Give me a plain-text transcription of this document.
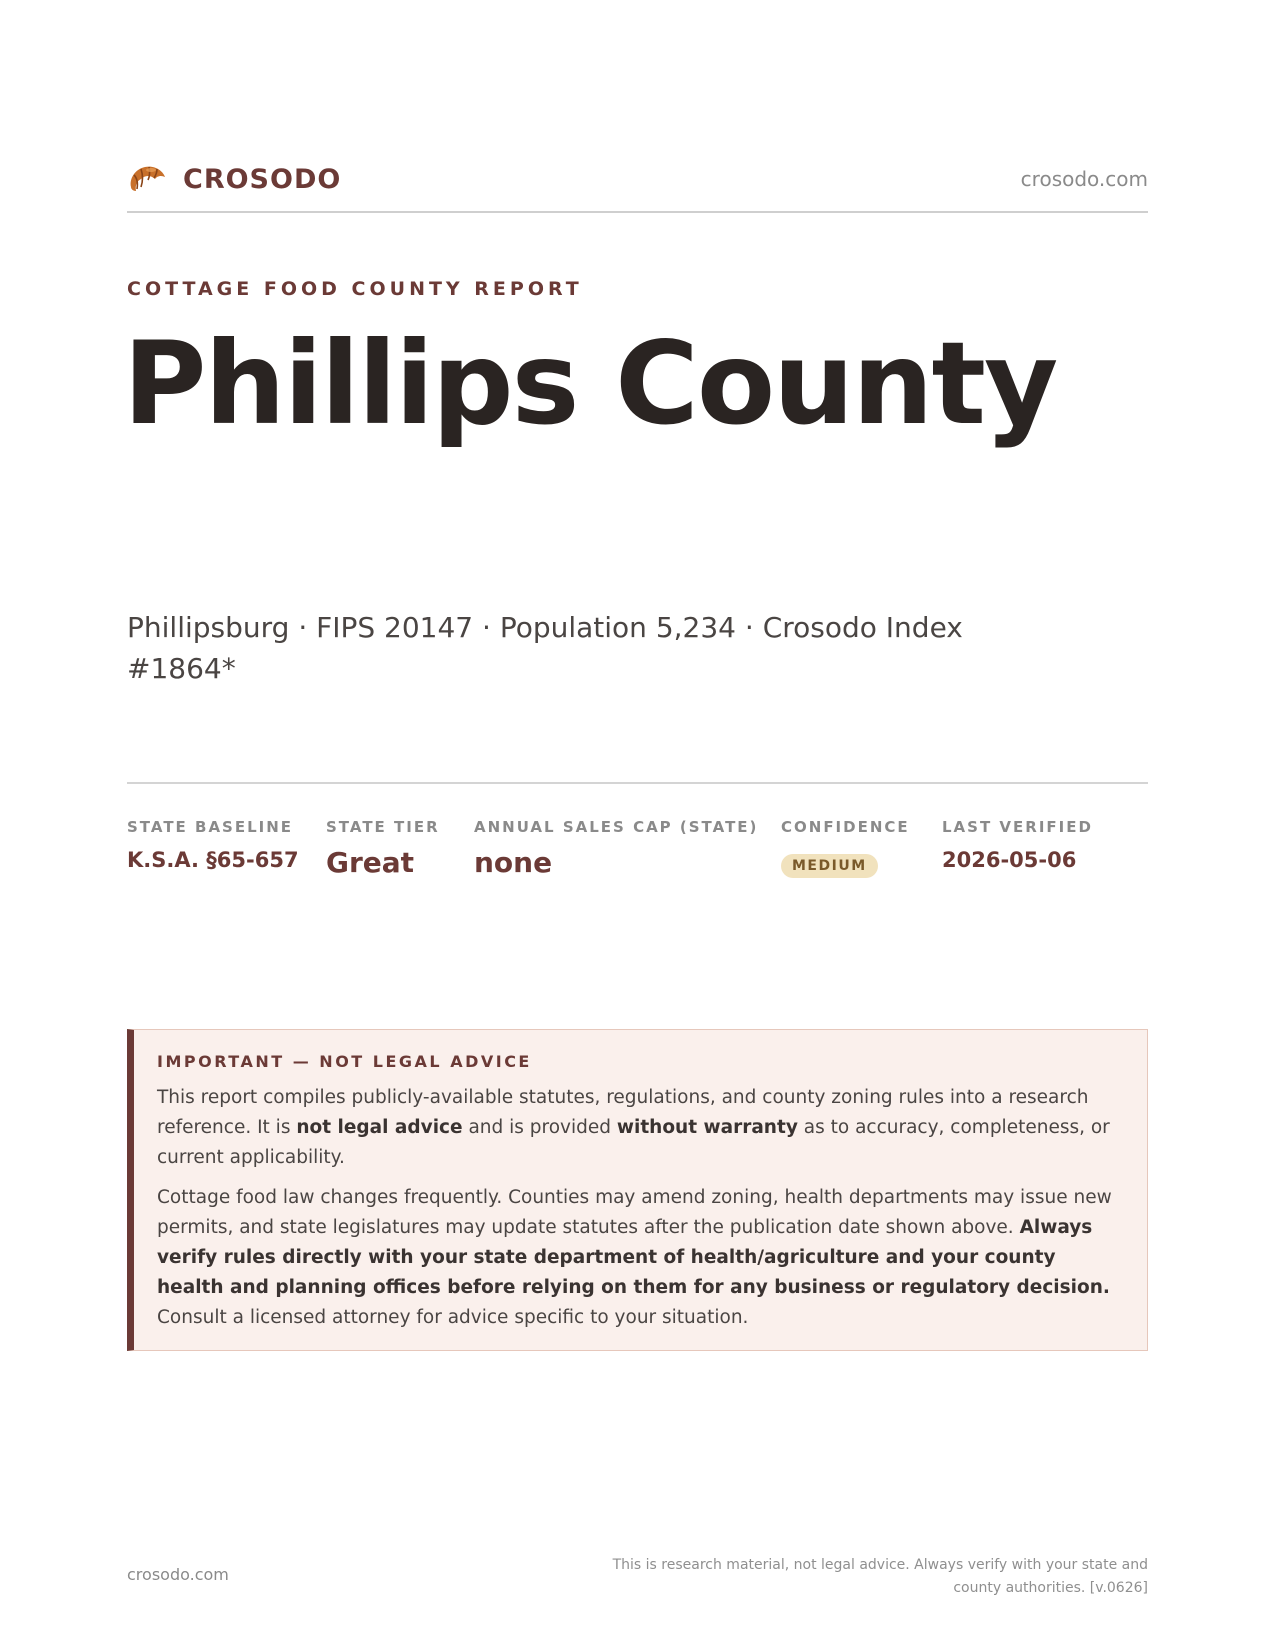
CROSODO	crosodo.com
COTTAGE FOOD COUNTY REPORT
Phillips County
Phillipsburg · FIPS 20147 · Population 5,234 · Crosodo Index #1864*
STATE BASELINE
K.S.A. §65-657
STATE TIER
Great
ANNUAL SALES CAP (STATE)
none
CONFIDENCE
MEDIUM
LAST VERIFIED
2026-05-06
IMPORTANT — NOT LEGAL ADVICE

This report compiles publicly-available statutes, regulations, and county zoning rules into a research reference. It is not legal advice and is provided without warranty as to accuracy, completeness, or current applicability.

Cottage food law changes frequently. Counties may amend zoning, health departments may issue new permits, and state legislatures may update statutes after the publication date shown above. Always verify rules directly with your state department of health/agriculture and your county health and planning offices before relying on them for any business or regulatory decision. Consult a licensed attorney for advice specific to your situation.

crosodo.com	This is research material, not legal advice. Always verify with your state and county authorities. [v.0626]
